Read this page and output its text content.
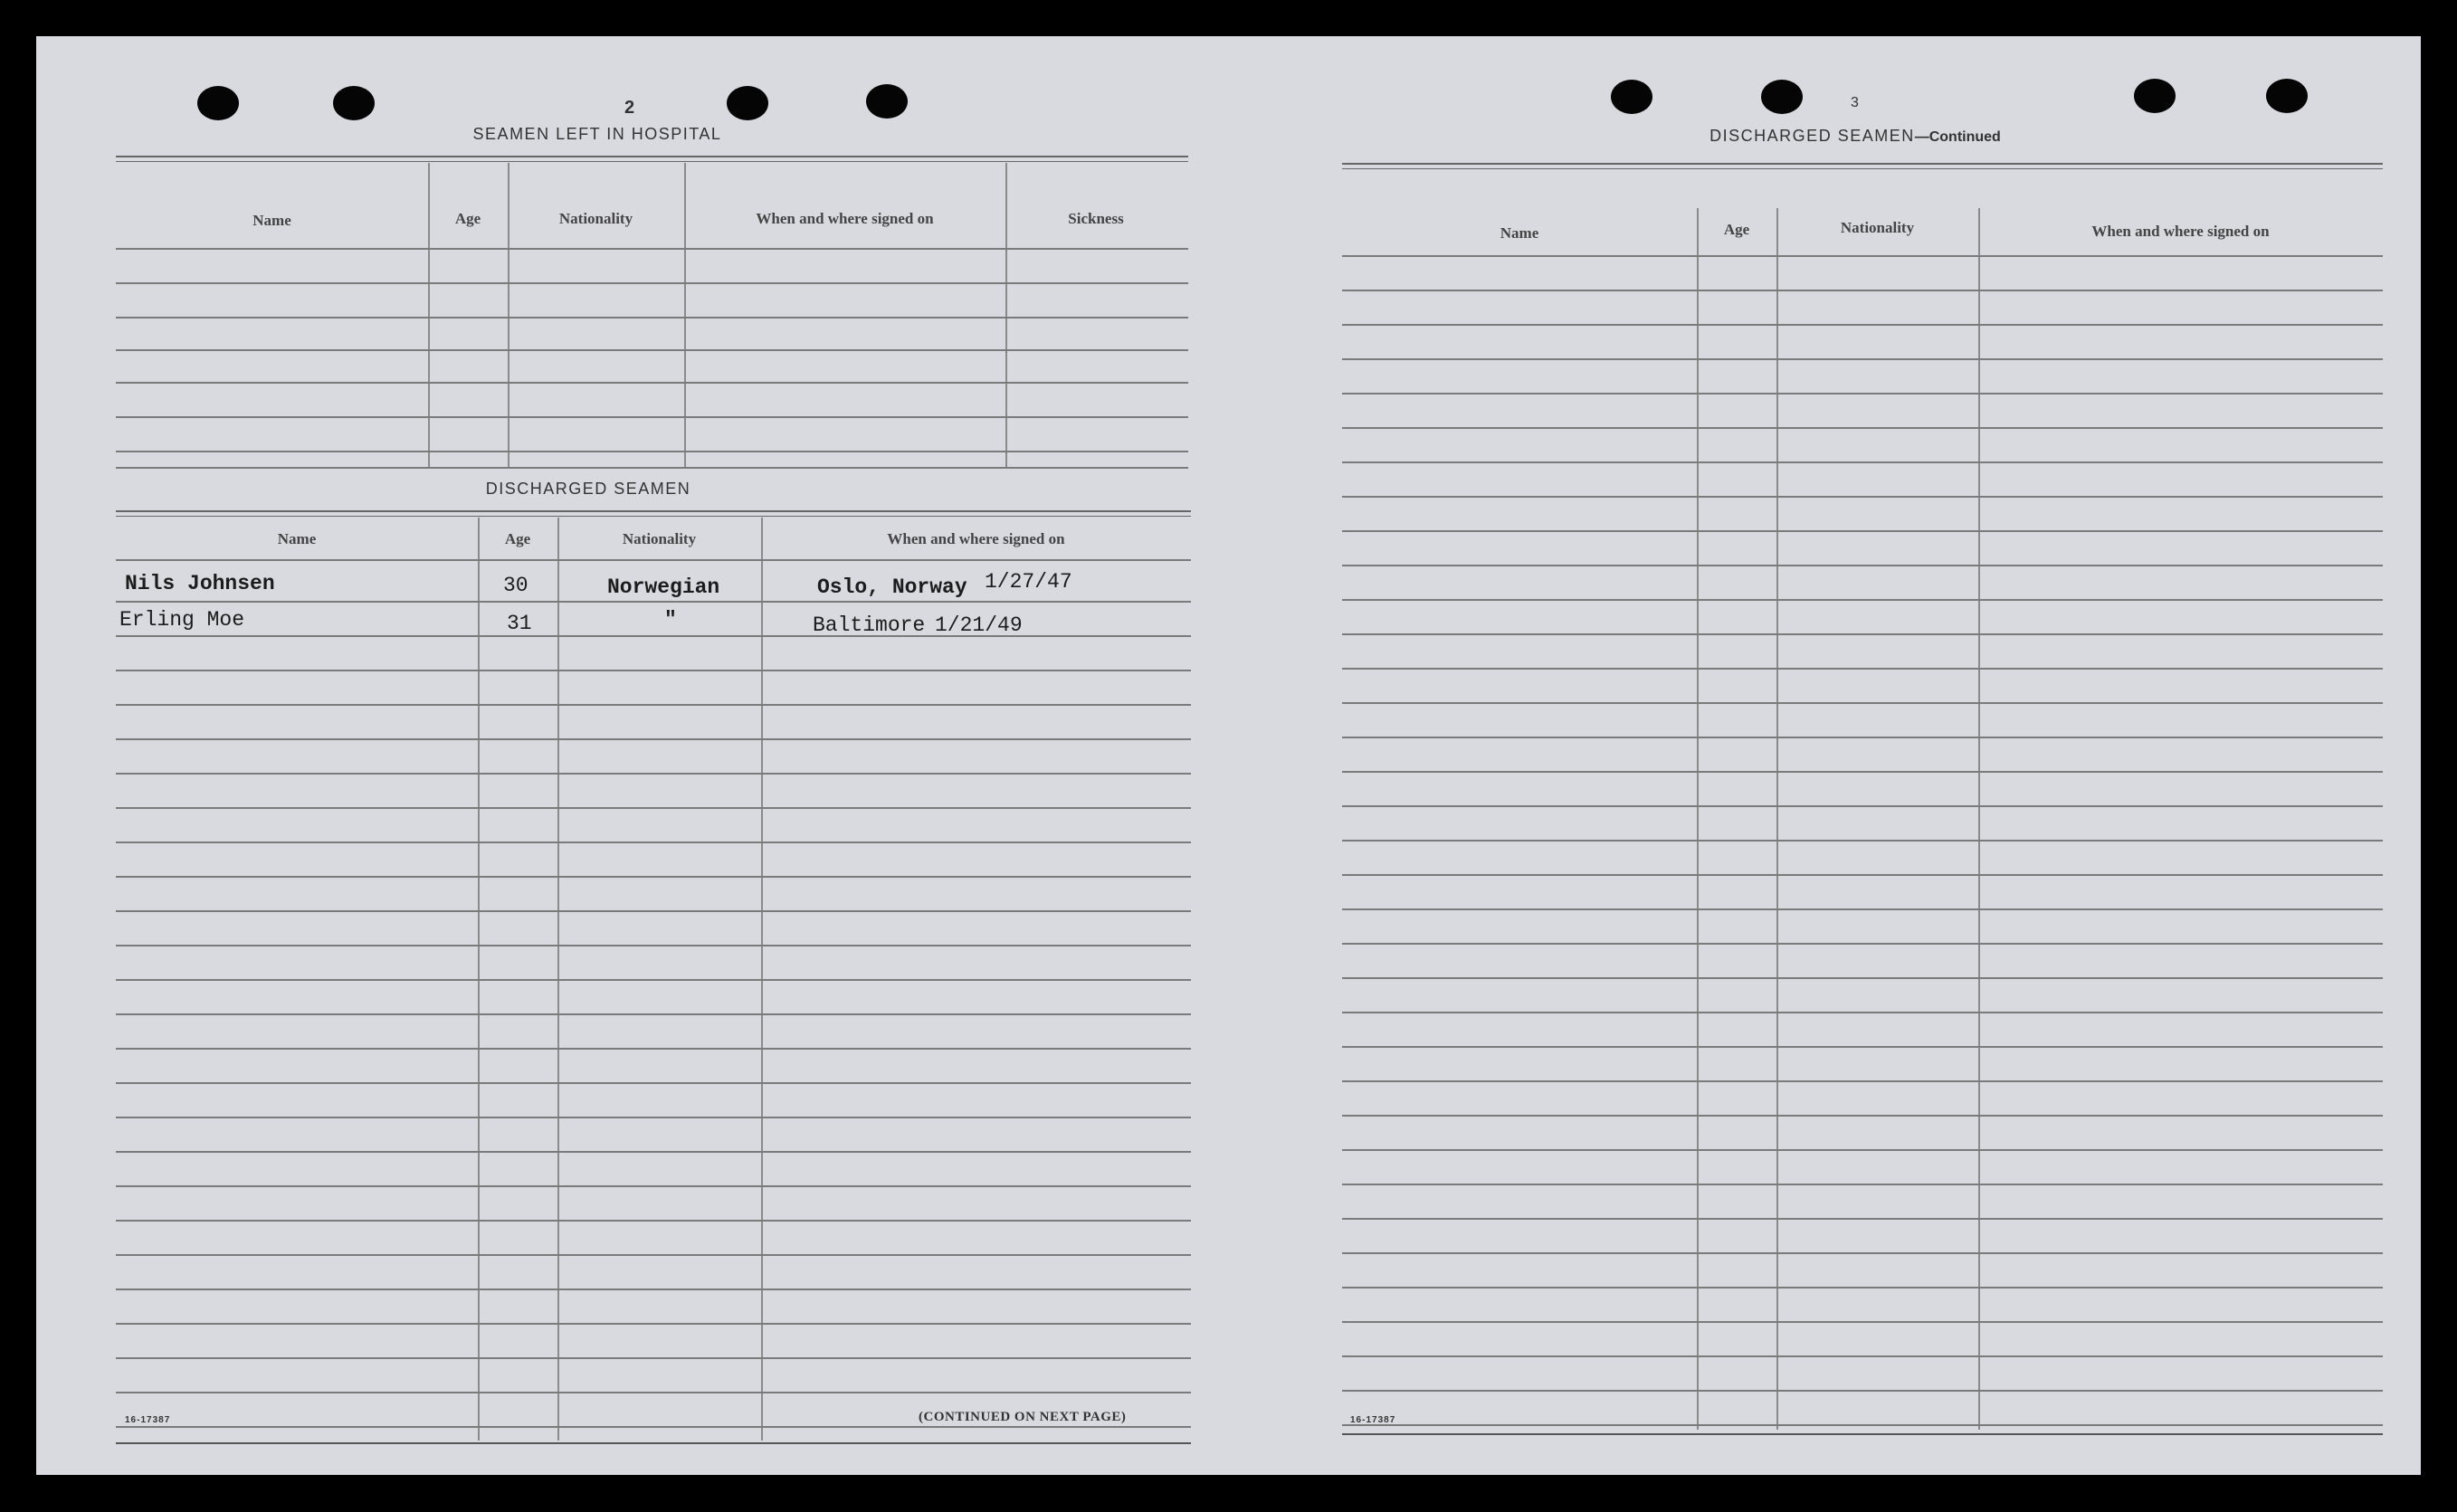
2
SEAMEN LEFT IN HOSPITAL
Name	Age	Nationality	When and where signed on	Sickness
DISCHARGED SEAMEN
Name	Age	Nationality	When and where signed on
Nils Johnsen	30	Norwegian	Oslo, Norway 1/27/47
Erling Moe	31	"	Baltimore 1/21/49
16-17387	(CONTINUED ON NEXT PAGE)
3
DISCHARGED SEAMEN—Continued
Name	Age	Nationality	When and where signed on
16-17387
